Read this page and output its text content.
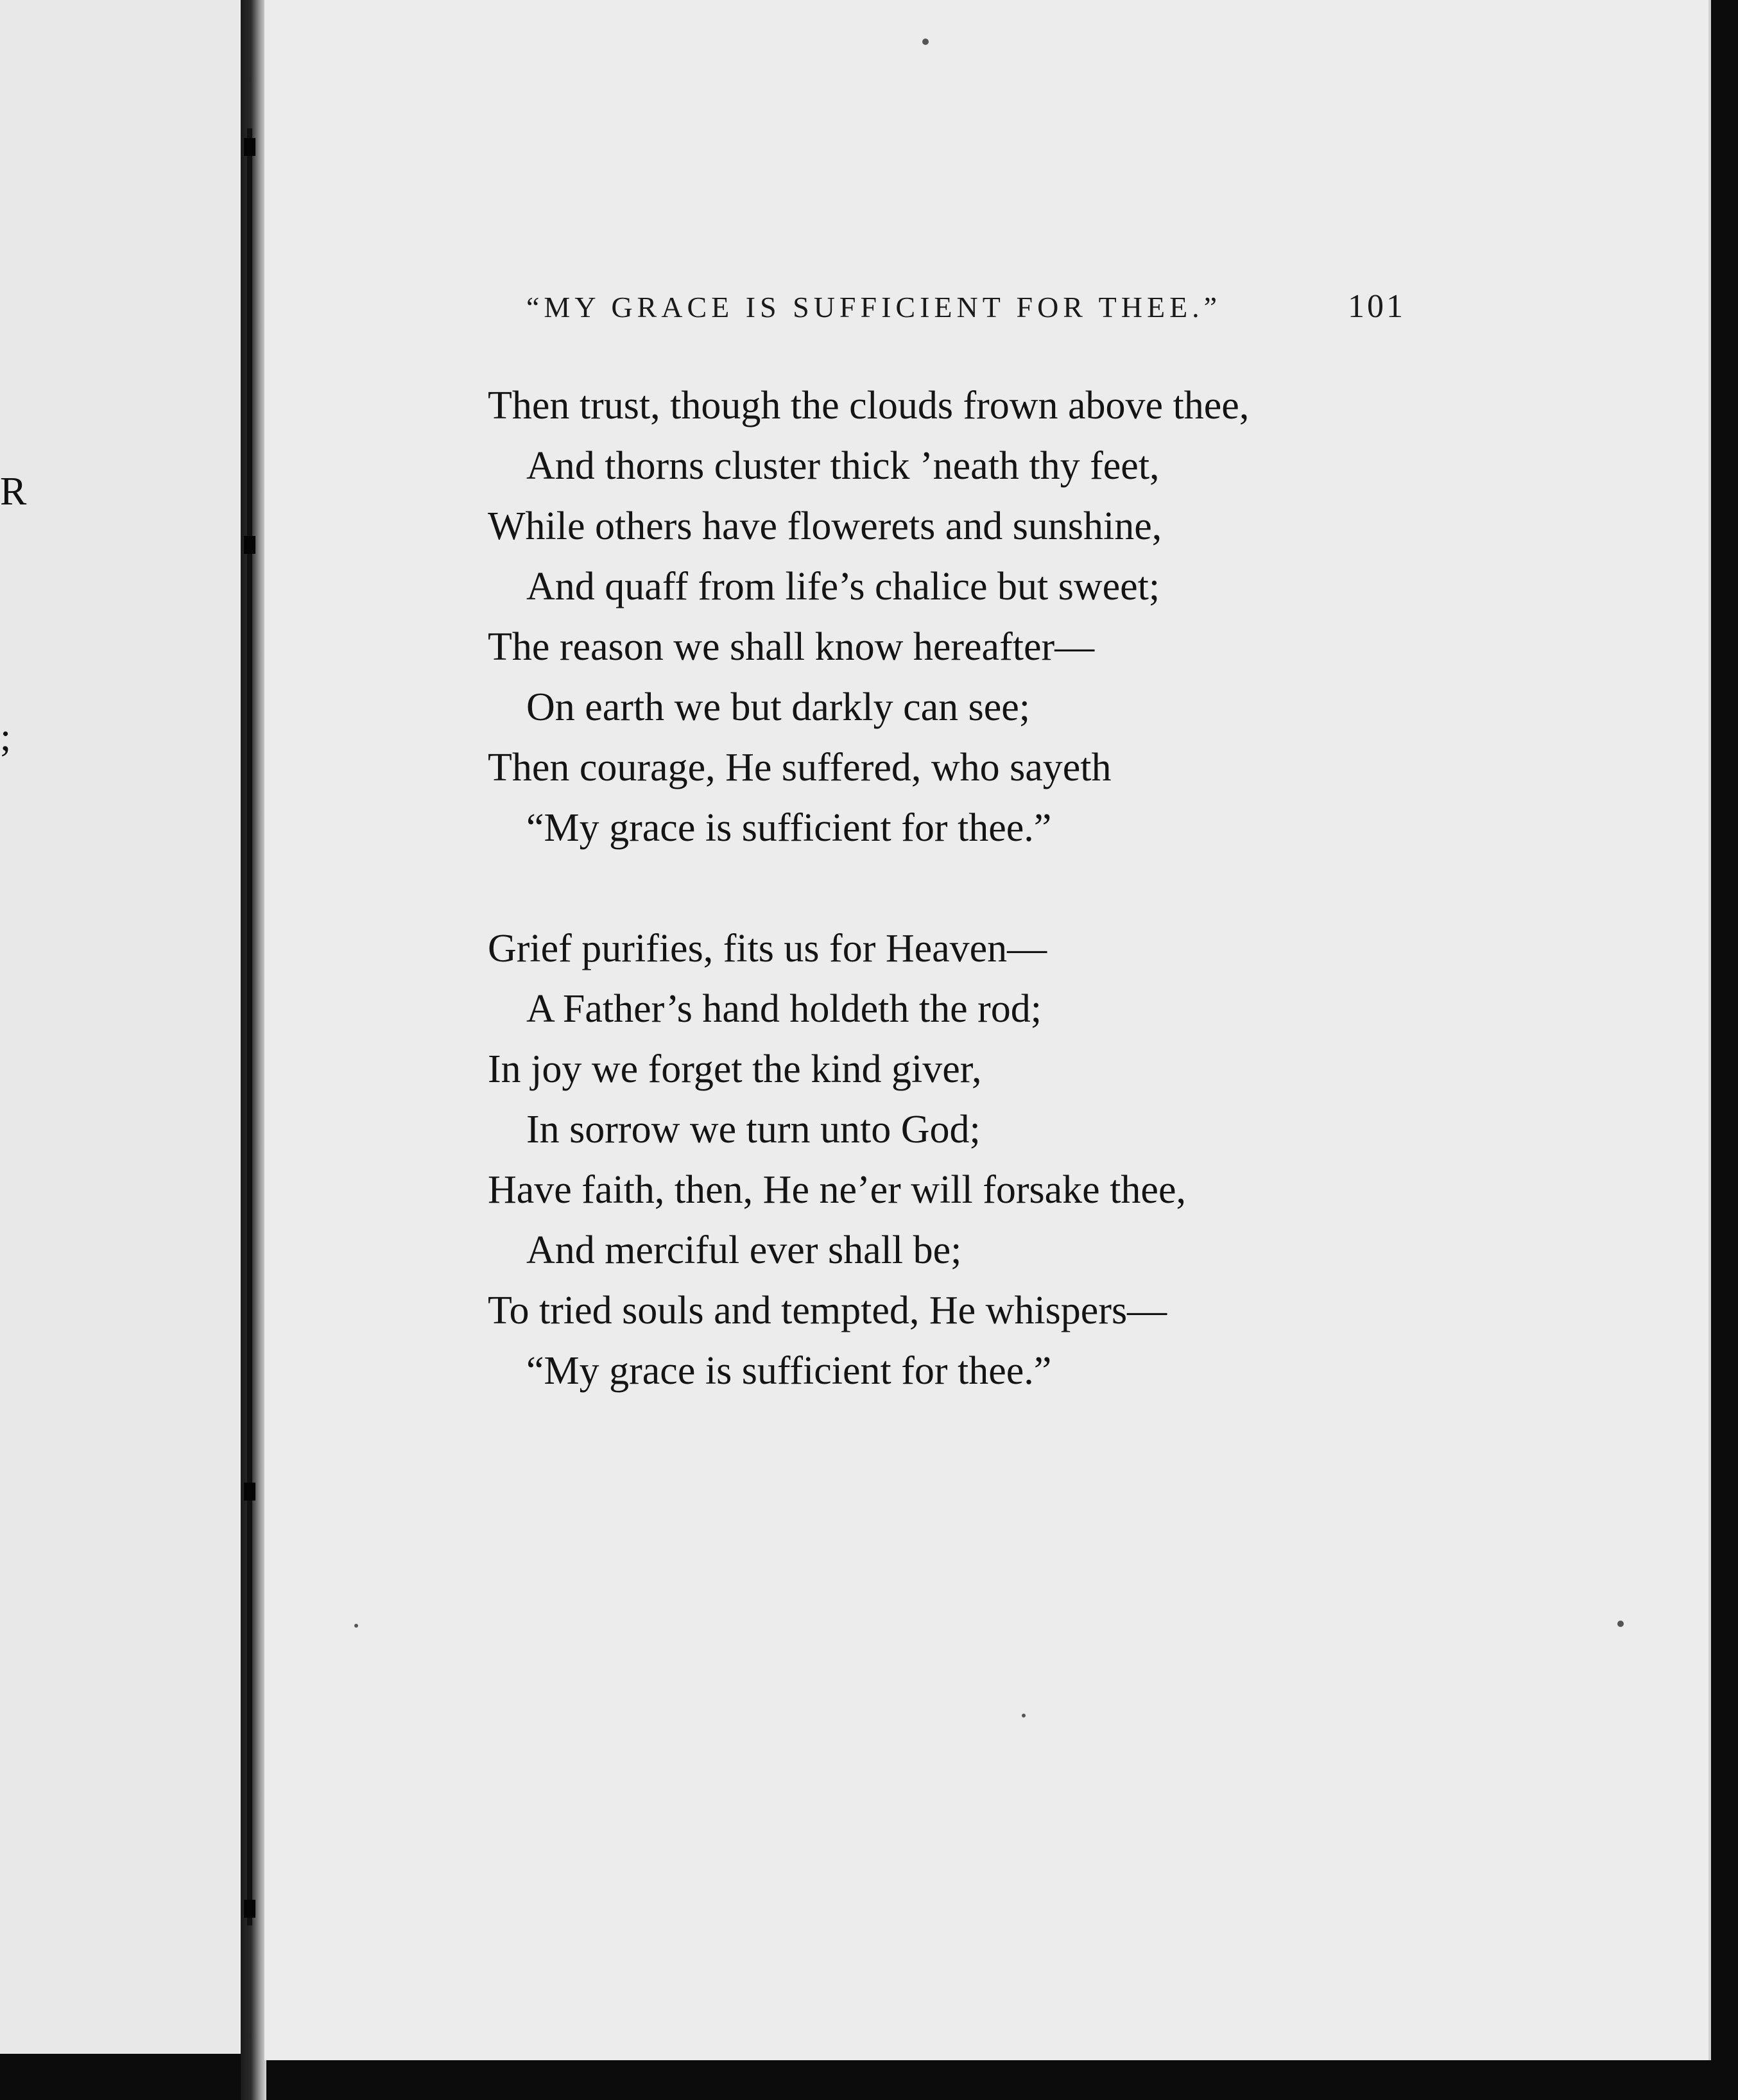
R
;
“MY GRACE IS SUFFICIENT FOR THEE.”	101
Then trust, though the clouds frown above thee,
And thorns cluster thick ’neath thy feet,
While others have flowerets and sunshine,
And quaff from life’s chalice but sweet;
The reason we shall know hereafter—
On earth we but darkly can see;
Then courage, He suffered, who sayeth
“My grace is sufficient for thee.”
Grief purifies, fits us for Heaven—
A Father’s hand holdeth the rod;
In joy we forget the kind giver,
In sorrow we turn unto God;
Have faith, then, He ne’er will forsake thee,
And merciful ever shall be;
To tried souls and tempted, He whispers—
“My grace is sufficient for thee.”
